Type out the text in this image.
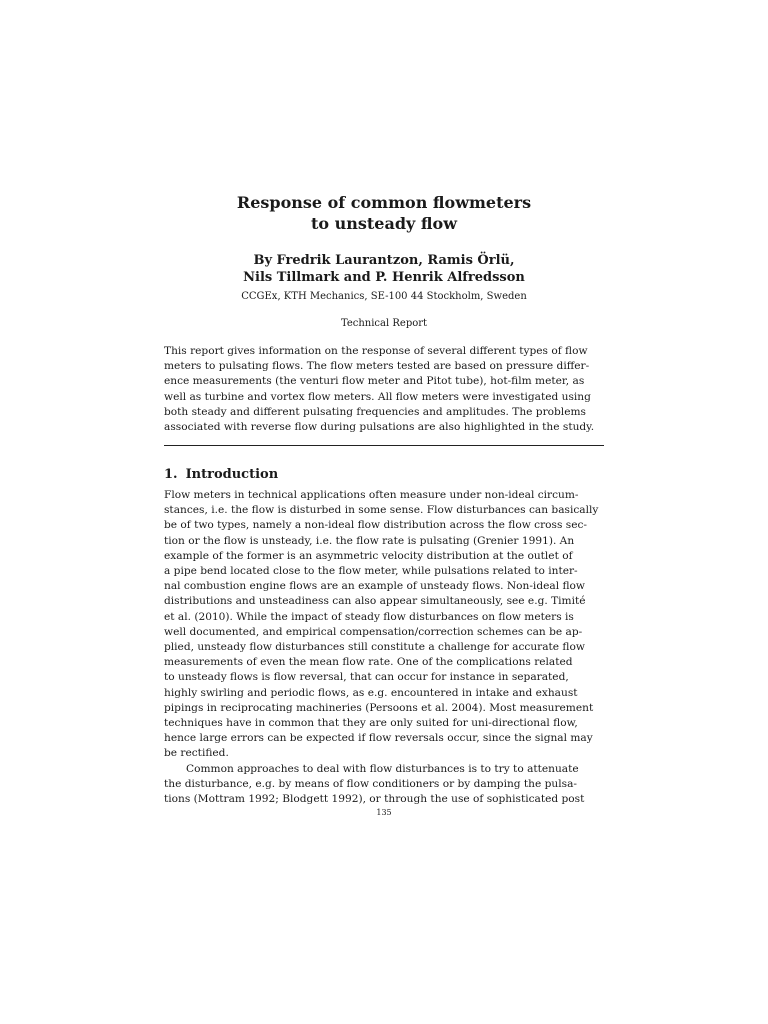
Response of common flowmeters
to unsteady flow
By Fredrik Laurantzon, Ramis Örlü,
Nils Tillmark and P. Henrik Alfredsson
CCGEx, KTH Mechanics, SE-100 44 Stockholm, Sweden
Technical Report
This report gives information on the response of several different types of flow
meters to pulsating flows. The flow meters tested are based on pressure differ-
ence measurements (the venturi flow meter and Pitot tube), hot-film meter, as
well as turbine and vortex flow meters. All flow meters were investigated using
both steady and different pulsating frequencies and amplitudes. The problems
associated with reverse flow during pulsations are also highlighted in the study.
1. Introduction
Flow meters in technical applications often measure under non-ideal circum-
stances, i.e. the flow is disturbed in some sense. Flow disturbances can basically
be of two types, namely a non-ideal flow distribution across the flow cross sec-
tion or the flow is unsteady, i.e. the flow rate is pulsating (Grenier 1991). An
example of the former is an asymmetric velocity distribution at the outlet of
a pipe bend located close to the flow meter, while pulsations related to inter-
nal combustion engine flows are an example of unsteady flows. Non-ideal flow
distributions and unsteadiness can also appear simultaneously, see e.g. Timité
et al. (2010). While the impact of steady flow disturbances on flow meters is
well documented, and empirical compensation/correction schemes can be ap-
plied, unsteady flow disturbances still constitute a challenge for accurate flow
measurements of even the mean flow rate. One of the complications related
to unsteady flows is flow reversal, that can occur for instance in separated,
highly swirling and periodic flows, as e.g. encountered in intake and exhaust
pipings in reciprocating machineries (Persoons et al. 2004). Most measurement
techniques have in common that they are only suited for uni-directional flow,
hence large errors can be expected if flow reversals occur, since the signal may
be rectified.
Common approaches to deal with flow disturbances is to try to attenuate
the disturbance, e.g. by means of flow conditioners or by damping the pulsa-
tions (Mottram 1992; Blodgett 1992), or through the use of sophisticated post
135
